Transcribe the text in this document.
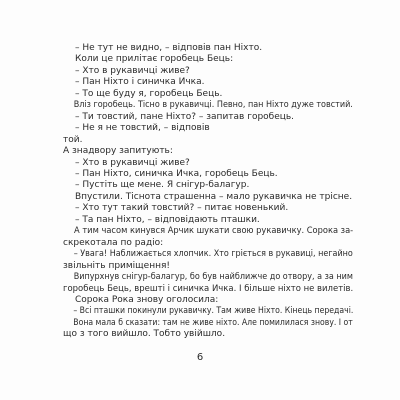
– Не тут не видно, – відповів пан Ніхто.
Коли це прилітає горобець Бець:
– Хто в рукавичці живе?
– Пан Ніхто і синичка Ичка.
– То ще буду я, горобець Бець.
Вліз горобець. Тісно в рукавичці. Певно, пан Ніхто дуже товстий.
– Ти товстий, пане Ніхто? – запитав горобець.
– Не я не товстий, – відповів
той.
А знадвору запитують:
– Хто в рукавичці живе?
– Пан Ніхто, синичка Ичка, горобець Бець.
– Пустіть ще мене. Я снігур-балагур.
Впустили. Тіснота страшенна – мало рукавичка не трісне.
– Хто тут такий товстий? – питає новенький.
– Та пан Ніхто, – відповідають пташки.
А тим часом кинувся Арчик шукати свою рукавичку. Сорока за-
скрекотала по радіо:
– Увага! Наближається хлопчик. Хто гріється в рукавиці, негайно
звільніть приміщення!
Випурхнув снігур-балагур, бо був найближче до отвору, а за ним
горобець Бець, врешті і синичка Ичка. І більше ніхто не вилетів.
Сорока Рока знову оголосила:
– Всі пташки покинули рукавичку. Там живе Ніхто. Кінець передачі.
Вона мала б сказати: там не живе ніхто. Але помилилася знову. І от
що з того вийшло. Тобто увійшло.
6
